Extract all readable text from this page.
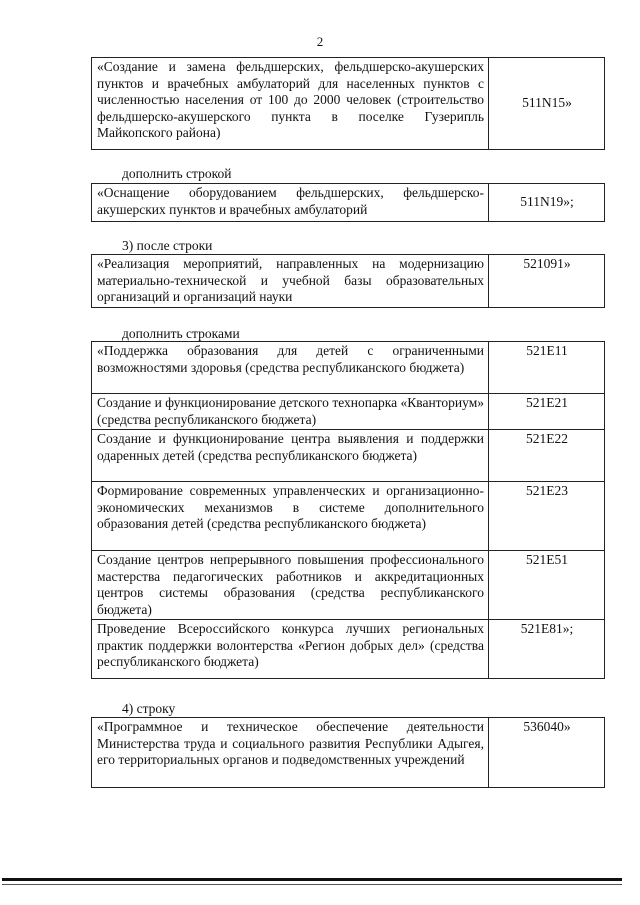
2
«Создание и замена фельдшерских, фельдшерско-акушерских пунктов и врачебных амбулаторий для населенных пунктов с численностью населения от 100 до 2000 человек (строительство фельдшерско-акушерского пункта в поселке Гузерипль Майкопского района)	511N15»
дополнить строкой
«Оснащение оборудованием фельдшерских, фельдшерско-акушерских пунктов и врачебных амбулаторий	511N19»;
3) после строки
«Реализация мероприятий, направленных на модернизацию материально-технической и учебной базы образовательных организаций и организаций науки	521091»
дополнить строками
«Поддержка образования для детей с ограниченными возможностями здоровья (средства республиканского бюджета)	521E11
Создание и функционирование детского технопарка «Кванториум» (средства республиканского бюджета)	521E21
Создание и функционирование центра выявления и поддержки одаренных детей (средства республиканского бюджета)	521E22
Формирование современных управленческих и организационно-экономических механизмов в системе дополнительного образования детей (средства республиканского бюджета)	521E23
Создание центров непрерывного повышения профессионального мастерства педагогических работников и аккредитационных центров системы образования (средства республиканского бюджета)	521E51
Проведение Всероссийского конкурса лучших региональных практик поддержки волонтерства «Регион добрых дел» (средства республиканского бюджета)	521E81»;
4) строку
«Программное и техническое обеспечение деятельности Министерства труда и социального развития Республики Адыгея, его территориальных органов и подведомственных учреждений	536040»
